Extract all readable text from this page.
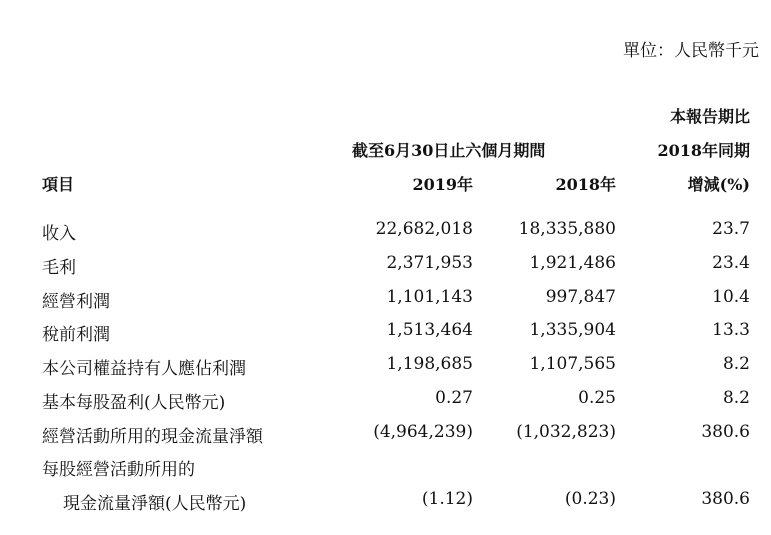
單位：人民幣千元
本報告期比
截至6月30日止六個月期間	2018年同期
項目	2019年	2018年	增減(%)
收入	22,682,018	18,335,880	23.7
毛利	2,371,953	1,921,486	23.4
經營利潤	1,101,143	997,847	10.4
稅前利潤	1,513,464	1,335,904	13.3
本公司權益持有人應佔利潤	1,198,685	1,107,565	8.2
基本每股盈利(人民幣元)	0.27	0.25	8.2
經營活動所用的現金流量淨額	(4,964,239)	(1,032,823)	380.6
每股經營活動所用的
現金流量淨額(人民幣元)	(1.12)	(0.23)	380.6
